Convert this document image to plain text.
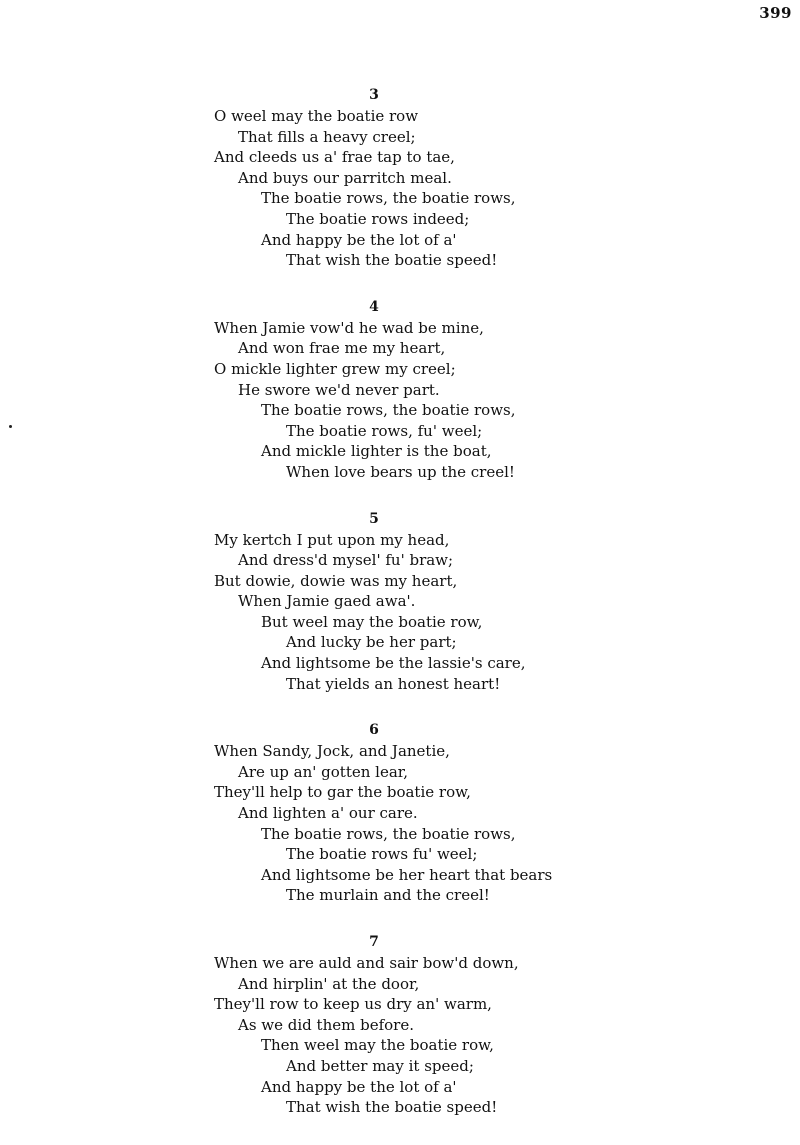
399
3
O weel may the boatie row
That fills a heavy creel;
And cleeds us a' frae tap to tae,
And buys our parritch meal.
The boatie rows, the boatie rows,
The boatie rows indeed;
And happy be the lot of a'
That wish the boatie speed!
4
When Jamie vow'd he wad be mine,
And won frae me my heart,
O mickle lighter grew my creel;
He swore we'd never part.
The boatie rows, the boatie rows,
The boatie rows, fu' weel;
And mickle lighter is the boat,
When love bears up the creel!
5
My kertch I put upon my head,
And dress'd mysel' fu' braw;
But dowie, dowie was my heart,
When Jamie gaed awa'.
But weel may the boatie row,
And lucky be her part;
And lightsome be the lassie's care,
That yields an honest heart!
6
When Sandy, Jock, and Janetie,
Are up an' gotten lear,
They'll help to gar the boatie row,
And lighten a' our care.
The boatie rows, the boatie rows,
The boatie rows fu' weel;
And lightsome be her heart that bears
The murlain and the creel!
7
When we are auld and sair bow'd down,
And hirplin' at the door,
They'll row to keep us dry an' warm,
As we did them before.
Then weel may the boatie row,
And better may it speed;
And happy be the lot of a'
That wish the boatie speed!
